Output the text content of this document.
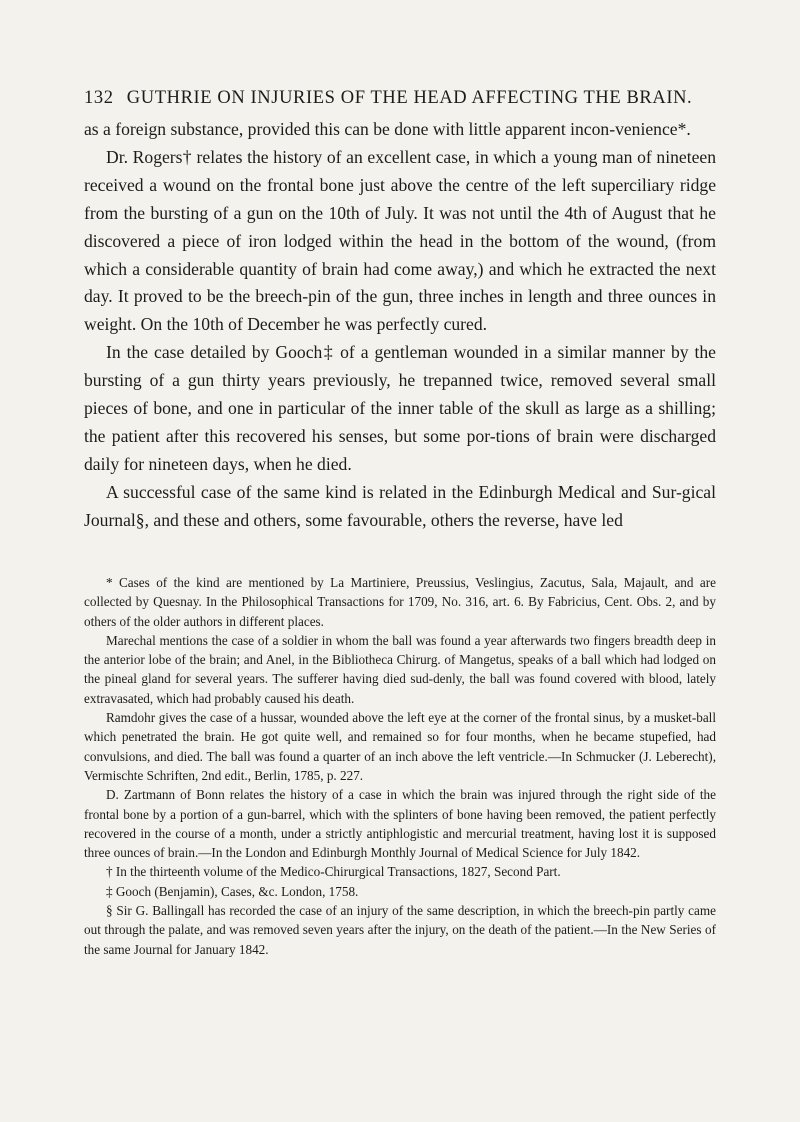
132 GUTHRIE ON INJURIES OF THE HEAD AFFECTING THE BRAIN.

as a foreign substance, provided this can be done with little apparent incon-venience*.

Dr. Rogers† relates the history of an excellent case, in which a young man of nineteen received a wound on the frontal bone just above the centre of the left superciliary ridge from the bursting of a gun on the 10th of July. It was not until the 4th of August that he discovered a piece of iron lodged within the head in the bottom of the wound, (from which a considerable quantity of brain had come away,) and which he extracted the next day. It proved to be the breech-pin of the gun, three inches in length and three ounces in weight. On the 10th of December he was perfectly cured.

In the case detailed by Gooch‡ of a gentleman wounded in a similar manner by the bursting of a gun thirty years previously, he trepanned twice, removed several small pieces of bone, and one in particular of the inner table of the skull as large as a shilling; the patient after this recovered his senses, but some por-tions of brain were discharged daily for nineteen days, when he died.

A successful case of the same kind is related in the Edinburgh Medical and Sur-gical Journal§, and these and others, some favourable, others the reverse, have led

* Cases of the kind are mentioned by La Martiniere, Preussius, Veslingius, Zacutus, Sala, Majault, and are collected by Quesnay. In the Philosophical Transactions for 1709, No. 316, art. 6. By Fabricius, Cent. Obs. 2, and by others of the older authors in different places.

Marechal mentions the case of a soldier in whom the ball was found a year afterwards two fingers breadth deep in the anterior lobe of the brain; and Anel, in the Bibliotheca Chirurg. of Mangetus, speaks of a ball which had lodged on the pineal gland for several years. The sufferer having died sud-denly, the ball was found covered with blood, lately extravasated, which had probably caused his death.

Ramdohr gives the case of a hussar, wounded above the left eye at the corner of the frontal sinus, by a musket-ball which penetrated the brain. He got quite well, and remained so for four months, when he became stupefied, had convulsions, and died. The ball was found a quarter of an inch above the left ventricle.—In Schmucker (J. Leberecht), Vermischte Schriften, 2nd edit., Berlin, 1785, p. 227.

D. Zartmann of Bonn relates the history of a case in which the brain was injured through the right side of the frontal bone by a portion of a gun-barrel, which with the splinters of bone having been removed, the patient perfectly recovered in the course of a month, under a strictly antiphlogistic and mercurial treatment, having lost it is supposed three ounces of brain.—In the London and Edinburgh Monthly Journal of Medical Science for July 1842.

† In the thirteenth volume of the Medico-Chirurgical Transactions, 1827, Second Part.

‡ Gooch (Benjamin), Cases, &c. London, 1758.

§ Sir G. Ballingall has recorded the case of an injury of the same description, in which the breech-pin partly came out through the palate, and was removed seven years after the injury, on the death of the patient.—In the New Series of the same Journal for January 1842.
